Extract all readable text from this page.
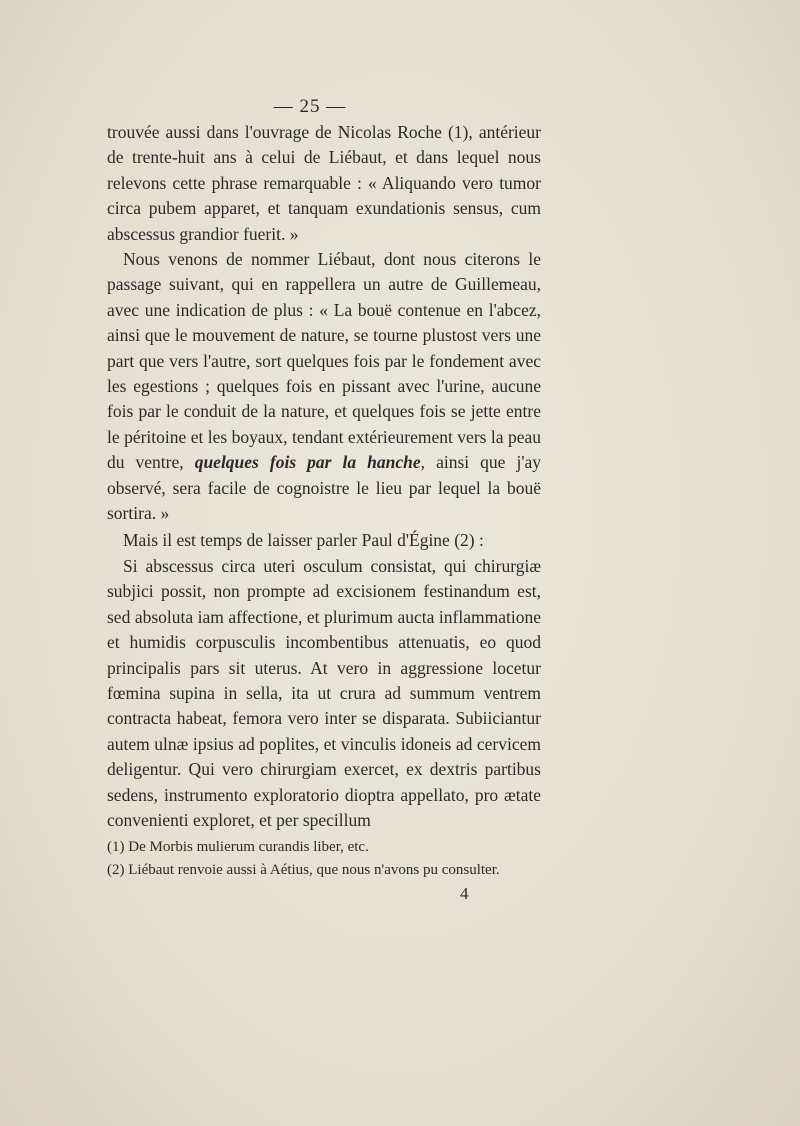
— 25 —

trouvée aussi dans l'ouvrage de Nicolas Roche (1), antérieur de trente-huit ans à celui de Liébaut, et dans lequel nous relevons cette phrase remarquable : « Aliquando vero tumor circa pubem apparet, et tanquam exundationis sensus, cum abscessus grandior fuerit. »

Nous venons de nommer Liébaut, dont nous citerons le passage suivant, qui en rappellera un autre de Guillemeau, avec une indication de plus : « La bouë contenue en l'abcez, ainsi que le mouvement de nature, se tourne plustost vers une part que vers l'autre, sort quelques fois par le fondement avec les egestions ; quelques fois en pissant avec l'urine, aucune fois par le conduit de la nature, et quelques fois se jette entre le péritoine et les boyaux, tendant extérieurement vers la peau du ventre, quelques fois par la hanche, ainsi que j'ay observé, sera facile de cognoistre le lieu par lequel la bouë sortira. »

Mais il est temps de laisser parler Paul d'Égine (2) :

Si abscessus circa uteri osculum consistat, qui chirurgiæ subjici possit, non prompte ad excisionem festinandum est, sed absoluta iam affectione, et plurimum aucta inflammatione et humidis corpusculis incombentibus attenuatis, eo quod principalis pars sit uterus. At vero in aggressione locetur fœmina supina in sella, ita ut crura ad summum ventrem contracta habeat, femora vero inter se disparata. Subiiciantur autem ulnæ ipsius ad poplites, et vinculis idoneis ad cervicem deligentur. Qui vero chirurgiam exercet, ex dextris partibus sedens, instrumento exploratorio dioptra appellato, pro ætate convenienti exploret, et per specillum

(1) De Morbis mulierum curandis liber, etc.

(2) Liébaut renvoie aussi à Aétius, que nous n'avons pu consulter.

4
